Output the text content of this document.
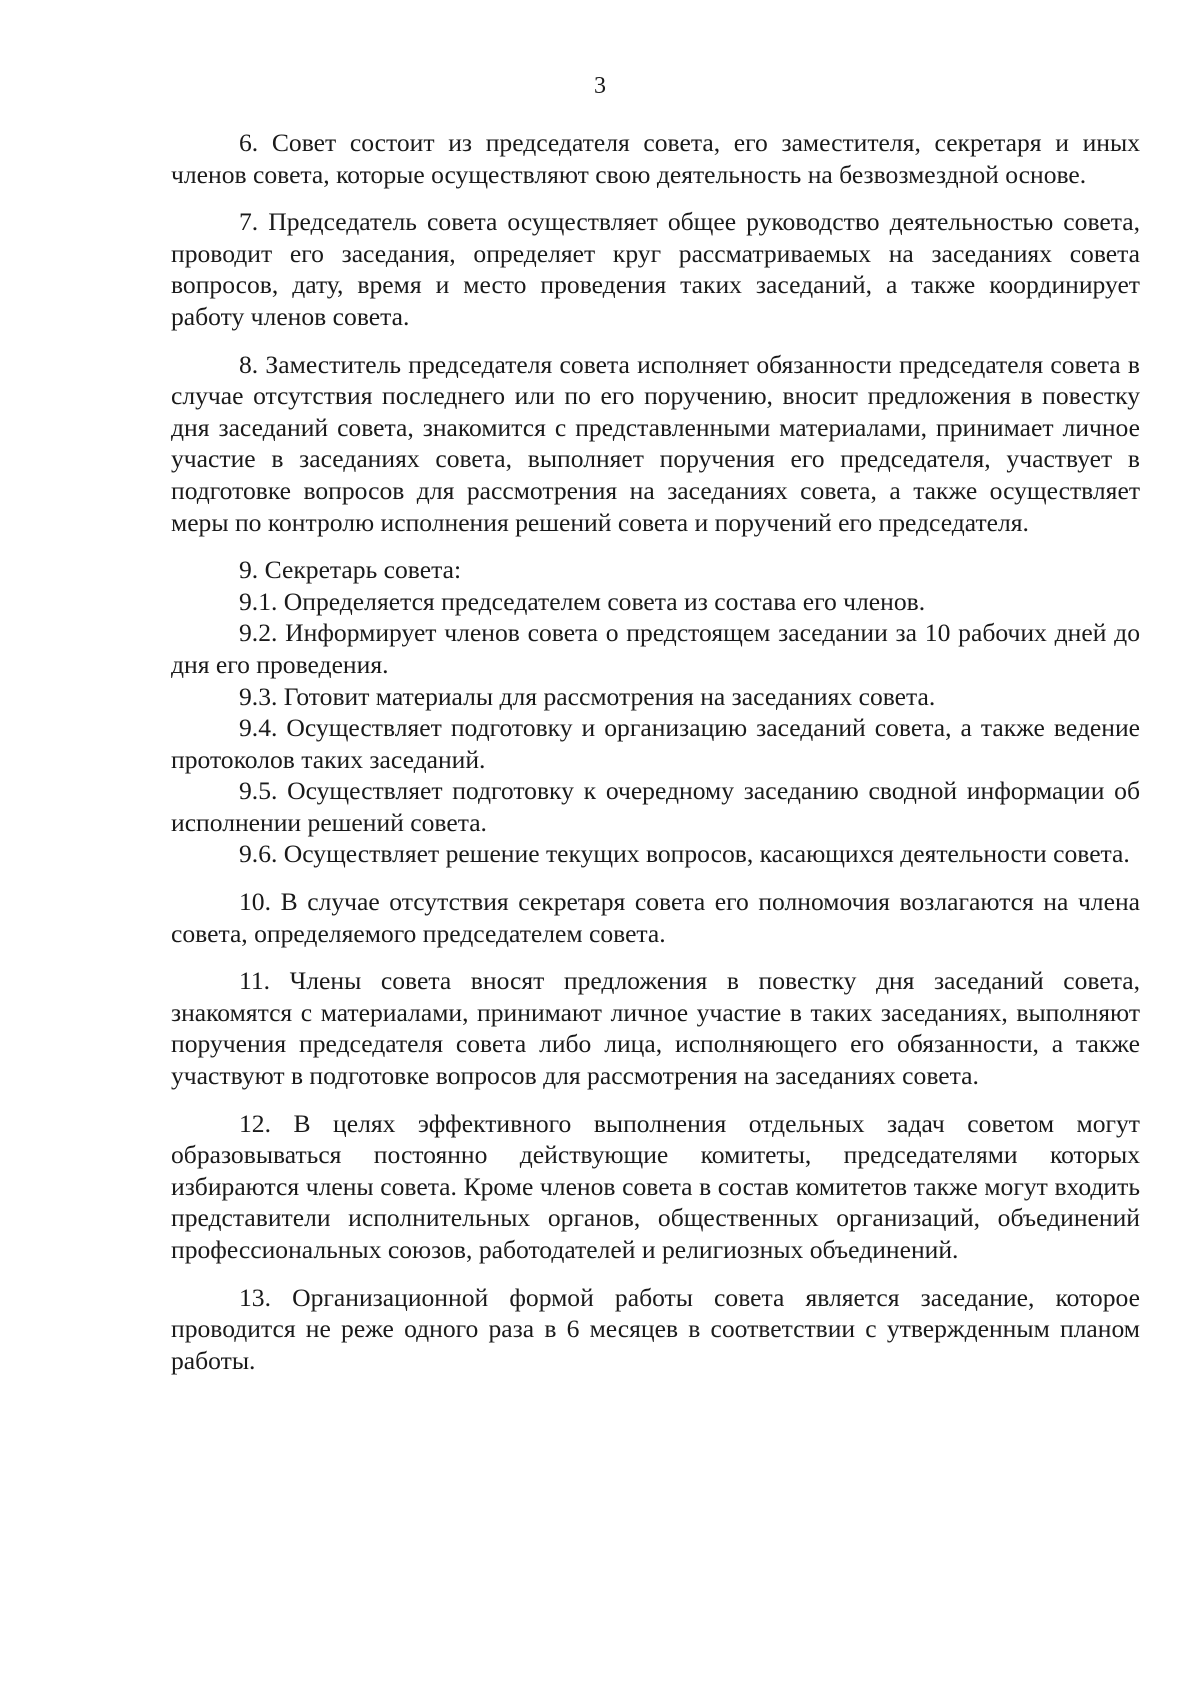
3

6. Совет состоит из председателя совета, его заместителя, секретаря и иных членов совета, которые осуществляют свою деятельность на безвозмездной основе.

7. Председатель совета осуществляет общее руководство деятельностью совета, проводит его заседания, определяет круг рассматриваемых на заседаниях совета вопросов, дату, время и место проведения таких заседаний, а также координирует работу членов совета.

8. Заместитель председателя совета исполняет обязанности председателя совета в случае отсутствия последнего или по его поручению, вносит предложения в повестку дня заседаний совета, знакомится с представленными материалами, принимает личное участие в заседаниях совета, выполняет поручения его председателя, участвует в подготовке вопросов для рассмотрения на заседаниях совета, а также осуществляет меры по контролю исполнения решений совета и поручений его председателя.

9. Секретарь совета:

9.1. Определяется председателем совета из состава его членов.

9.2. Информирует членов совета о предстоящем заседании за 10 рабочих дней до дня его проведения.

9.3. Готовит материалы для рассмотрения на заседаниях совета.

9.4. Осуществляет подготовку и организацию заседаний совета, а также ведение протоколов таких заседаний.

9.5. Осуществляет подготовку к очередному заседанию сводной информации об исполнении решений совета.

9.6. Осуществляет решение текущих вопросов, касающихся деятельности совета.

10. В случае отсутствия секретаря совета его полномочия возлагаются на члена совета, определяемого председателем совета.

11. Члены совета вносят предложения в повестку дня заседаний совета, знакомятся с материалами, принимают личное участие в таких заседаниях, выполняют поручения председателя совета либо лица, исполняющего его обязанности, а также участвуют в подготовке вопросов для рассмотрения на заседаниях совета.

12. В целях эффективного выполнения отдельных задач советом могут образовываться постоянно действующие комитеты, председателями которых избираются члены совета. Кроме членов совета в состав комитетов также могут входить представители исполнительных органов, общественных организаций, объединений профессиональных союзов, работодателей и религиозных объединений.

13. Организационной формой работы совета является заседание, которое проводится не реже одного раза в 6 месяцев в соответствии с утвержденным планом работы.
